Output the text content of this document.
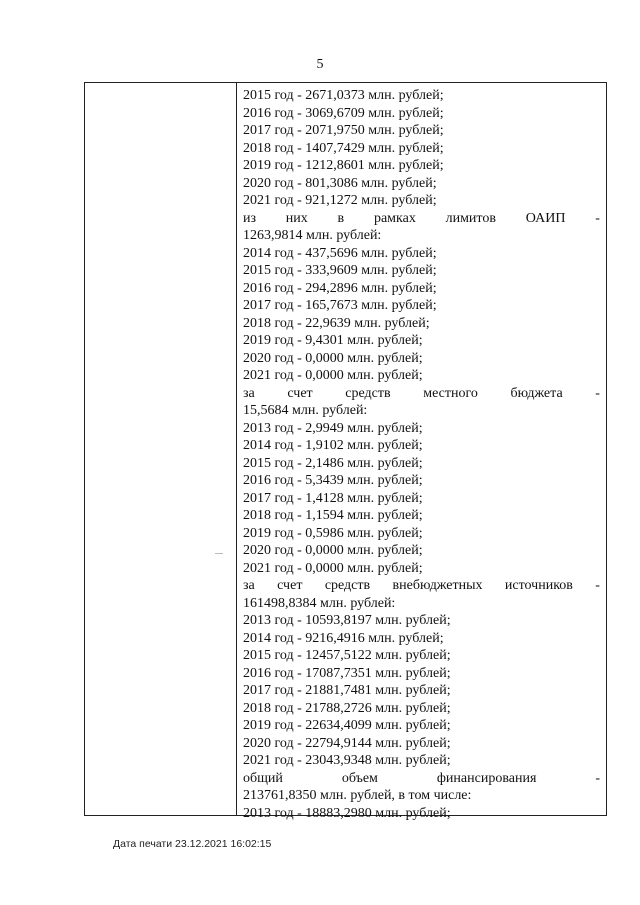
5
2015 год - 2671,0373 млн. рублей;
2016 год - 3069,6709 млн. рублей;
2017 год - 2071,9750 млн. рублей;
2018 год - 1407,7429 млн. рублей;
2019 год - 1212,8601 млн. рублей;
2020 год - 801,3086 млн. рублей;
2021 год - 921,1272 млн. рублей;
из них в рамках лимитов ОАИП -
1263,9814 млн. рублей:
2014 год - 437,5696 млн. рублей;
2015 год - 333,9609 млн. рублей;
2016 год - 294,2896 млн. рублей;
2017 год - 165,7673 млн. рублей;
2018 год - 22,9639 млн. рублей;
2019 год - 9,4301 млн. рублей;
2020 год - 0,0000 млн. рублей;
2021 год - 0,0000 млн. рублей;
за счет средств местного бюджета -
15,5684 млн. рублей:
2013 год - 2,9949 млн. рублей;
2014 год - 1,9102 млн. рублей;
2015 год - 2,1486 млн. рублей;
2016 год - 5,3439 млн. рублей;
2017 год - 1,4128 млн. рублей;
2018 год - 1,1594 млн. рублей;
2019 год - 0,5986 млн. рублей;
2020 год - 0,0000 млн. рублей;
2021 год - 0,0000 млн. рублей;
за счет средств внебюджетных источников -
161498,8384 млн. рублей:
2013 год - 10593,8197 млн. рублей;
2014 год - 9216,4916 млн. рублей;
2015 год - 12457,5122 млн. рублей;
2016 год - 17087,7351 млн. рублей;
2017 год - 21881,7481 млн. рублей;
2018 год - 21788,2726 млн. рублей;
2019 год - 22634,4099 млн. рублей;
2020 год - 22794,9144 млн. рублей;
2021 год - 23043,9348 млн. рублей;
общий	объем	финансирования	-
213761,8350 млн. рублей, в том числе:
2013 год - 18883,2980 млн. рублей;
Дата печати 23.12.2021 16:02:15
